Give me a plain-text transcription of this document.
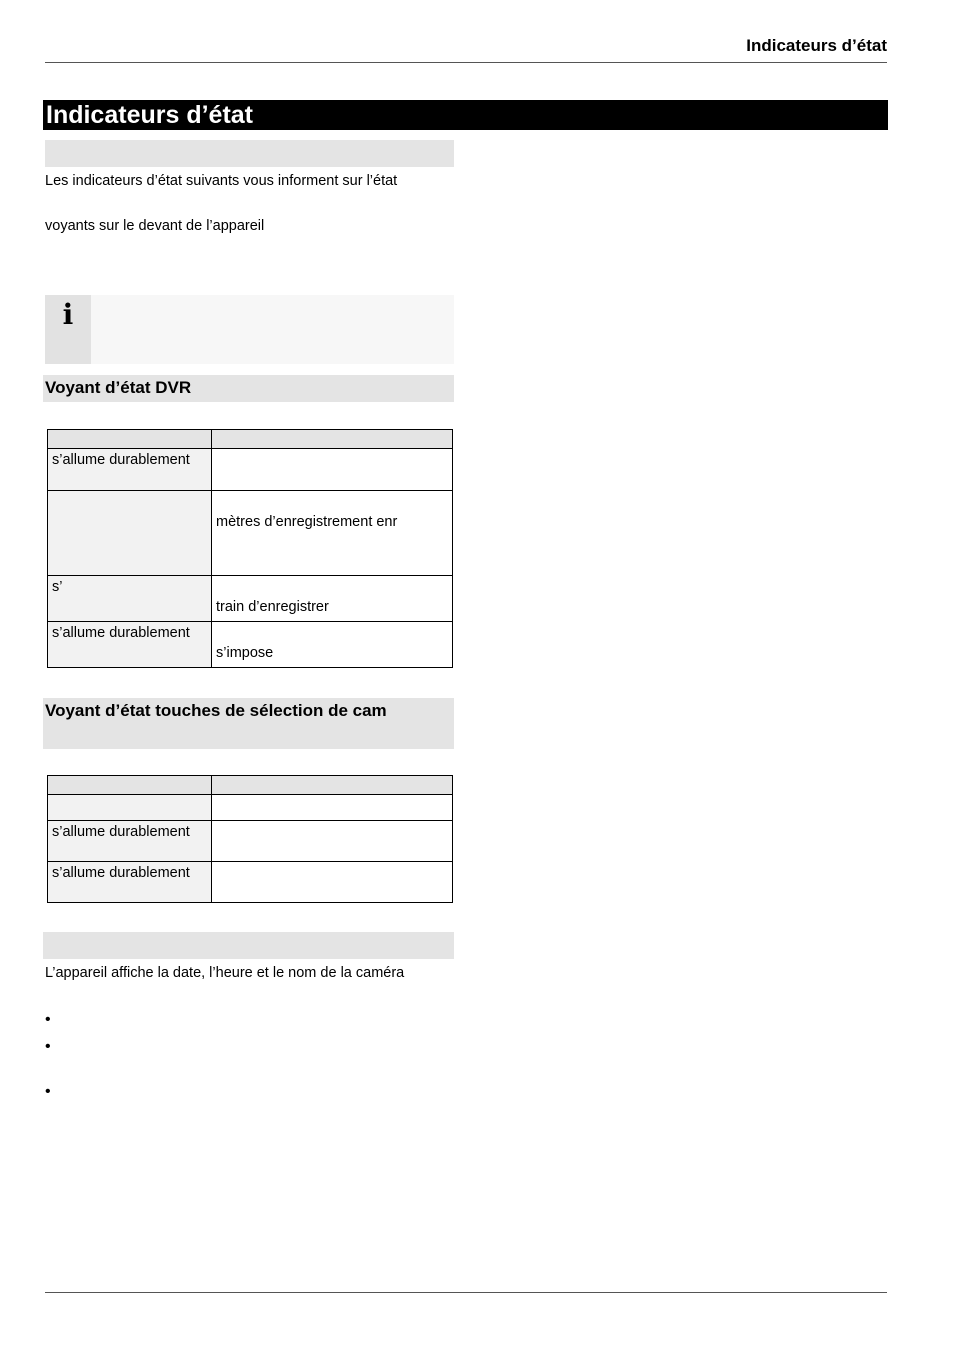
Indicateurs d’état
Indicateurs d’état
Les indicateurs d’état suivants vous informent sur l’état
voyants sur le devant de l’appareil
i
Voyant d’état DVR

s’allume durablement	
	mètres d’enregistrement enr
s’	train d’enregistrer
s’allume durablement	s’impose
Voyant d’état touches de sélection de cam

s’allume durablement	
s’allume durablement	
L’appareil affiche la date, l’heure et le nom de la caméra
•
•
•
